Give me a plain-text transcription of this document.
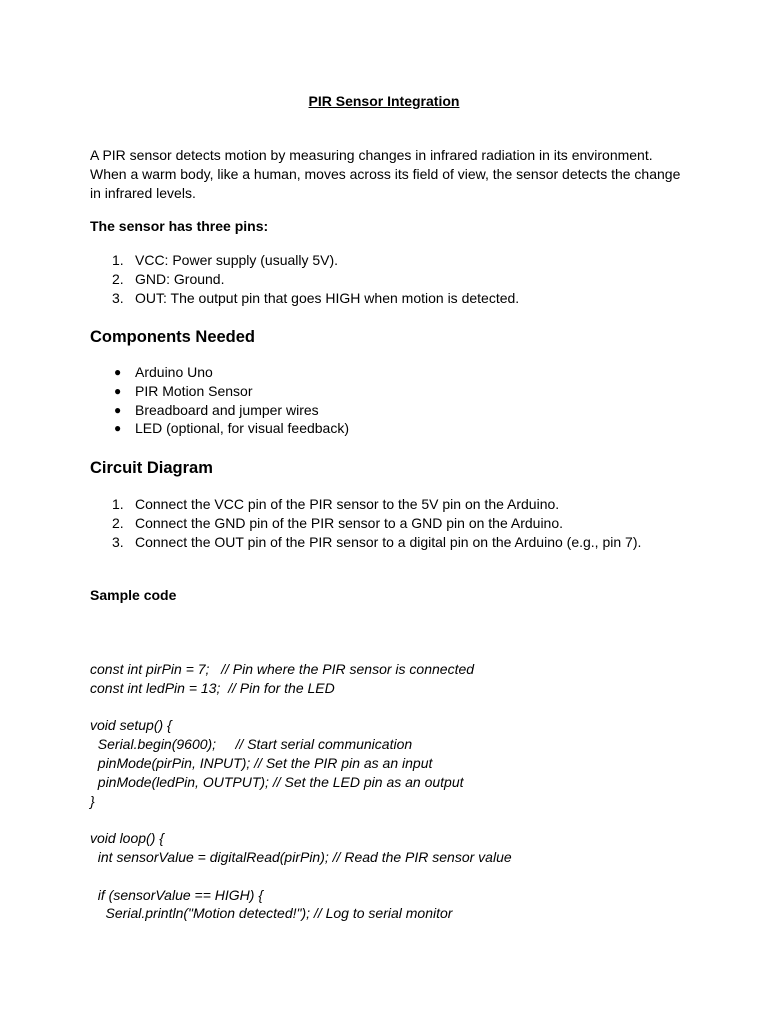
PIR Sensor Integration

A PIR sensor detects motion by measuring changes in infrared radiation in its environment. When a warm body, like a human, moves across its field of view, the sensor detects the change in infrared levels.

The sensor has three pins:

1. VCC: Power supply (usually 5V).
2. GND: Ground.
3. OUT: The output pin that goes HIGH when motion is detected.
Components Needed
● Arduino Uno
● PIR Motion Sensor
● Breadboard and jumper wires
● LED (optional, for visual feedback)
Circuit Diagram
1. Connect the VCC pin of the PIR sensor to the 5V pin on the Arduino.
2. Connect the GND pin of the PIR sensor to a GND pin on the Arduino.
3. Connect the OUT pin of the PIR sensor to a digital pin on the Arduino (e.g., pin 7).

Sample code

const int pirPin = 7;   // Pin where the PIR sensor is connected
const int ledPin = 13;  // Pin for the LED
void setup() {
Serial.begin(9600);     // Start serial communication
pinMode(pirPin, INPUT); // Set the PIR pin as an input
pinMode(ledPin, OUTPUT); // Set the LED pin as an output
}
void loop() {
int sensorValue = digitalRead(pirPin); // Read the PIR sensor value
if (sensorValue == HIGH) {
Serial.println("Motion detected!"); // Log to serial monitor
